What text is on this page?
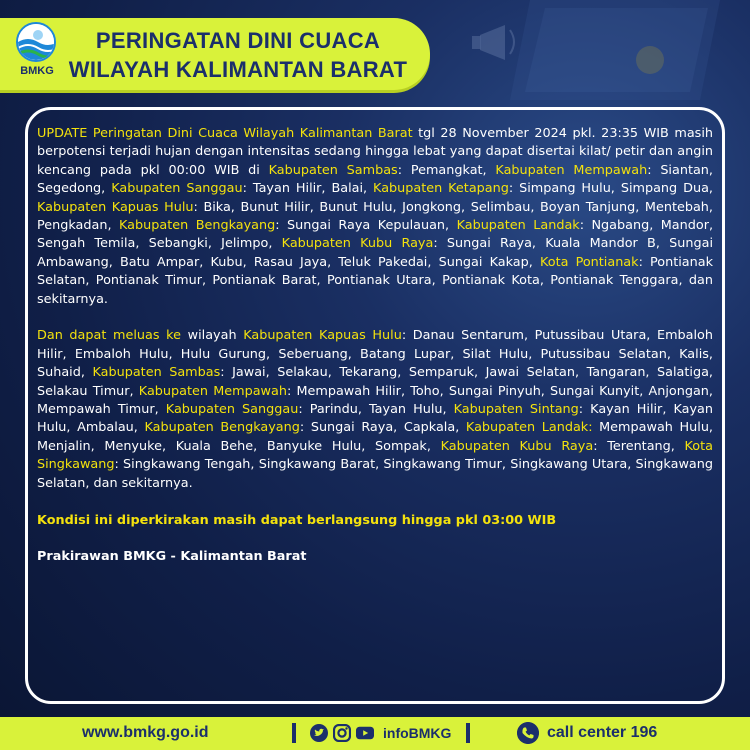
BMKG
PERINGATAN DINI CUACA
WILAYAH KALIMANTAN BARAT

UPDATE Peringatan Dini Cuaca Wilayah Kalimantan Barat tgl 28 November 2024 pkl. 23:35 WIB masih berpotensi terjadi hujan dengan intensitas sedang hingga lebat yang dapat disertai kilat/ petir dan angin kencang pada pkl 00:00 WIB di Kabupaten Sambas: Pemangkat, Kabupaten Mempawah: Siantan, Segedong, Kabupaten Sanggau: Tayan Hilir, Balai, Kabupaten Ketapang: Simpang Hulu, Simpang Dua, Kabupaten Kapuas Hulu: Bika, Bunut Hilir, Bunut Hulu, Jongkong, Selimbau, Boyan Tanjung, Mentebah, Pengkadan, Kabupaten Bengkayang: Sungai Raya Kepulauan, Kabupaten Landak: Ngabang, Mandor, Sengah Temila, Sebangki, Jelimpo, Kabupaten Kubu Raya: Sungai Raya, Kuala Mandor B, Sungai Ambawang, Batu Ampar, Kubu, Rasau Jaya, Teluk Pakedai, Sungai Kakap, Kota Pontianak: Pontianak Selatan, Pontianak Timur, Pontianak Barat, Pontianak Utara, Pontianak Kota, Pontianak Tenggara, dan sekitarnya.

Dan dapat meluas ke wilayah Kabupaten Kapuas Hulu: Danau Sentarum, Putussibau Utara, Embaloh Hilir, Embaloh Hulu, Hulu Gurung, Seberuang, Batang Lupar, Silat Hulu, Putussibau Selatan, Kalis, Suhaid, Kabupaten Sambas: Jawai, Selakau, Tekarang, Semparuk, Jawai Selatan, Tangaran, Salatiga, Selakau Timur, Kabupaten Mempawah: Mempawah Hilir, Toho, Sungai Pinyuh, Sungai Kunyit, Anjongan, Mempawah Timur, Kabupaten Sanggau: Parindu, Tayan Hulu, Kabupaten Sintang: Kayan Hilir, Kayan Hulu, Ambalau, Kabupaten Bengkayang: Sungai Raya, Capkala, Kabupaten Landak: Mempawah Hulu, Menjalin, Menyuke, Kuala Behe, Banyuke Hulu, Sompak, Kabupaten Kubu Raya: Terentang, Kota Singkawang: Singkawang Tengah, Singkawang Barat, Singkawang Timur, Singkawang Utara, Singkawang Selatan, dan sekitarnya.

Kondisi ini diperkirakan masih dapat berlangsung hingga pkl 03:00 WIB

Prakirawan BMKG - Kalimantan Barat

www.bmkg.go.id	infoBMKG	call center 196
